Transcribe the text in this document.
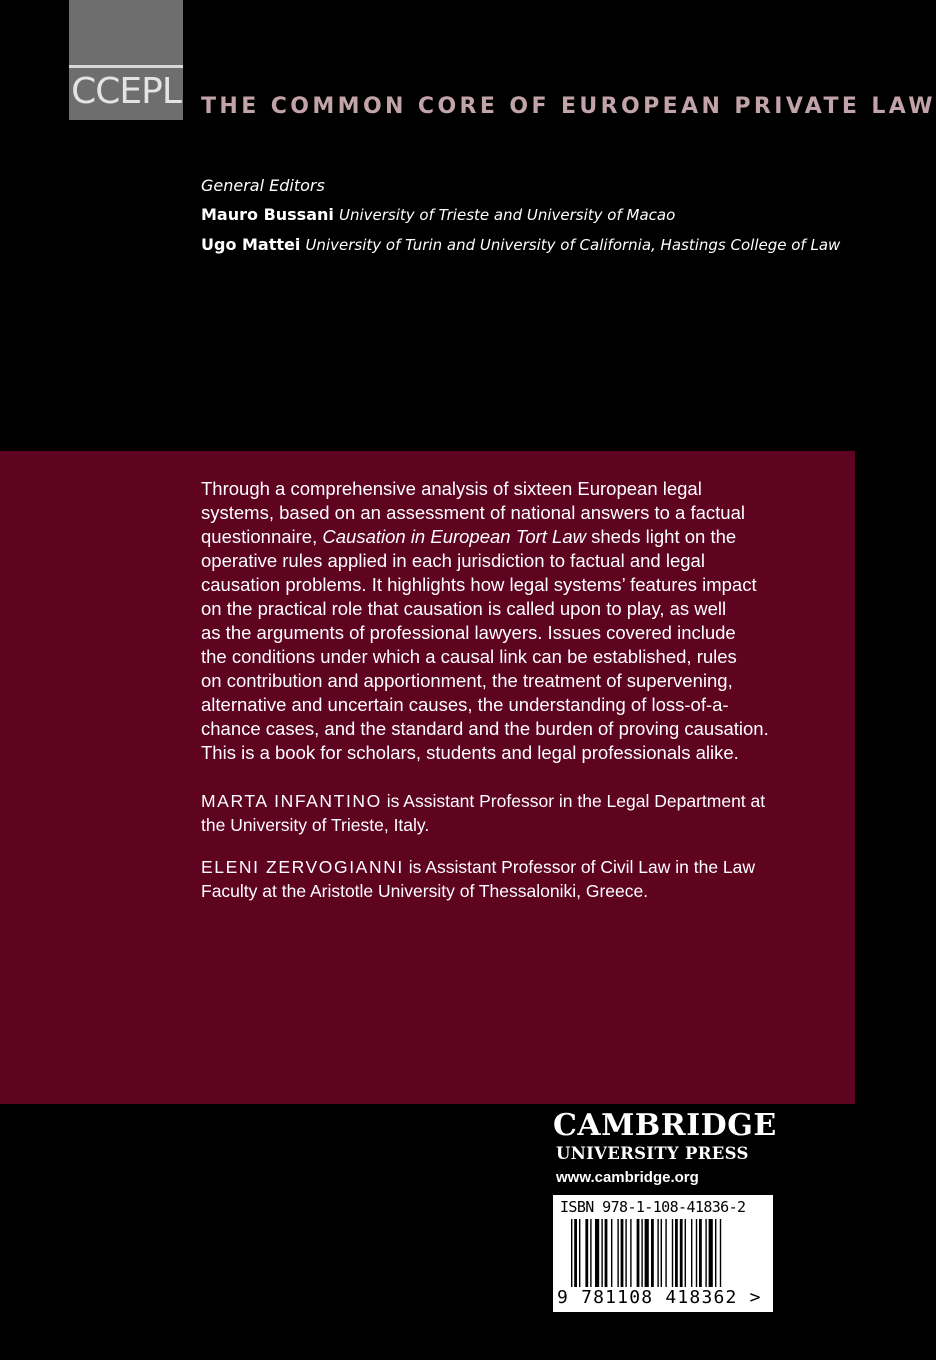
CCEPL THE COMMON CORE OF EUROPEAN PRIVATE LAW
General Editors
Mauro Bussani University of Trieste and University of Macao
Ugo Mattei University of Turin and University of California, Hastings College of Law

Through a comprehensive analysis of sixteen European legal
systems, based on an assessment of national answers to a factual
questionnaire, Causation in European Tort Law sheds light on the
operative rules applied in each jurisdiction to factual and legal
causation problems. It highlights how legal systems’ features impact
on the practical role that causation is called upon to play, as well
as the arguments of professional lawyers. Issues covered include
the conditions under which a causal link can be established, rules
on contribution and apportionment, the treatment of supervening,
alternative and uncertain causes, the understanding of loss-of-a-
chance cases, and the standard and the burden of proving causation.
This is a book for scholars, students and legal professionals alike.

MARTA INFANTINO is Assistant Professor in the Legal Department at
the University of Trieste, Italy.

ELENI ZERVOGIANNI is Assistant Professor of Civil Law in the Law
Faculty at the Aristotle University of Thessaloniki, Greece.

CAMBRIDGE
UNIVERSITY PRESS
www.cambridge.org
ISBN 978-1-108-41836-2
9 781108 418362 >
